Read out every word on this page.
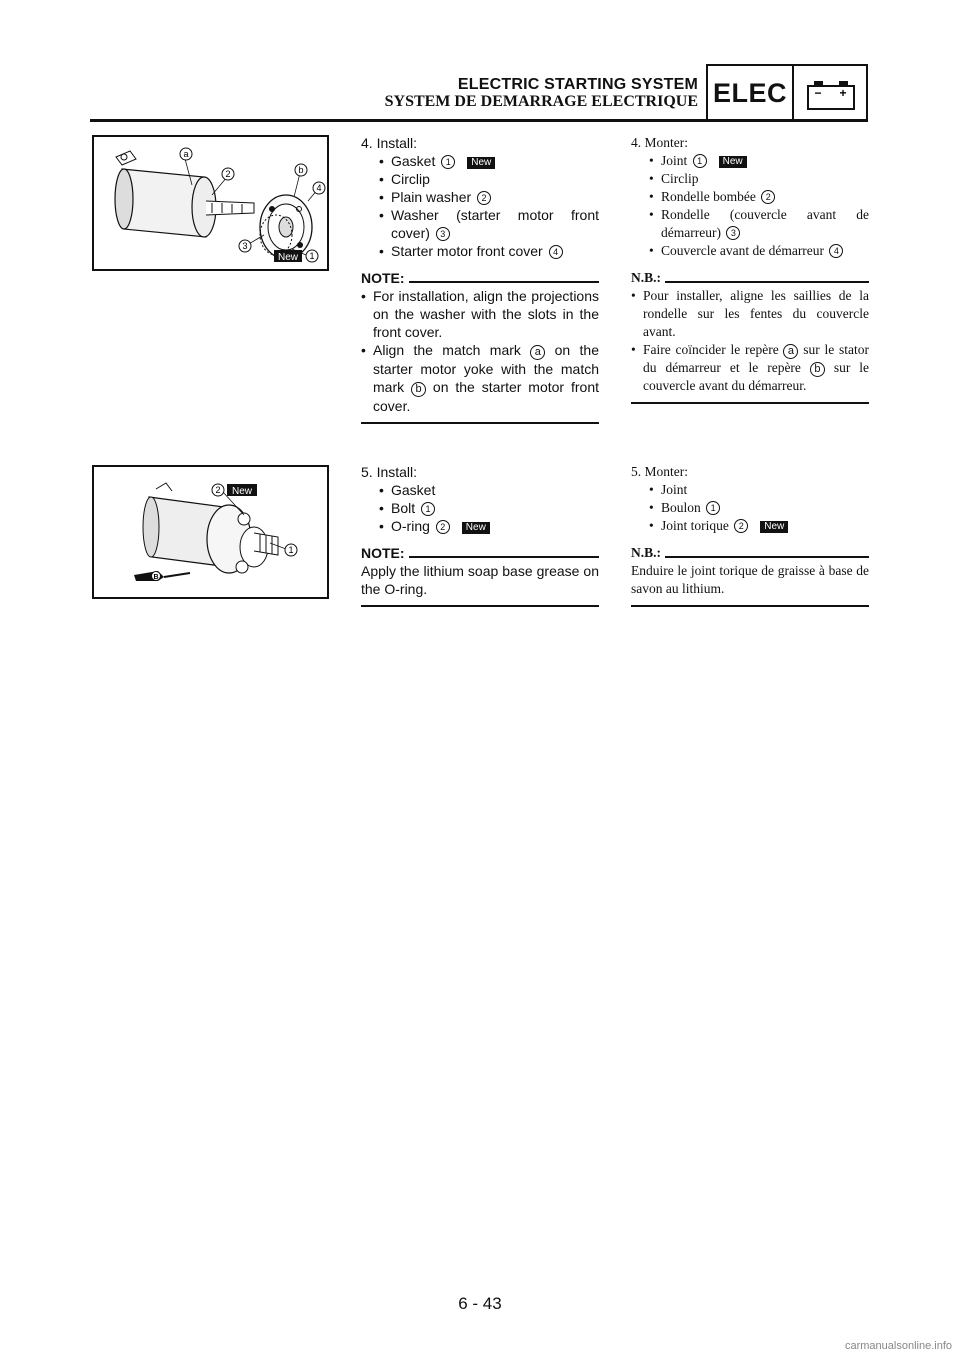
ELECTRIC STARTING SYSTEM
SYSTEM DE DEMARRAGE ELECTRIQUE ELEC	− +
a
2	b
4
3
1
New
B
2
1
New

4. Install:

• Gasket 1 New
• Circlip
• Plain washer 2
• Washer (starter motor front cover) 3
• Starter motor front cover 4
NOTE:
• For installation, align the projections on the washer with the slots in the front cover.
• Align the match mark a on the starter motor yoke with the match mark b on the starter motor front cover.

4. Monter:

• Joint 1 New
• Circlip
• Rondelle bombée 2
• Rondelle (couvercle avant de démarreur) 3
• Couvercle avant de démarreur 4
N.B.:
• Pour installer, aligne les saillies de la rondelle sur les fentes du couvercle avant.
• Faire coïncider le repère a sur le stator du démarreur et le repère b sur le couvercle avant du démarreur.

5. Install:

• Gasket
• Bolt 1
• O-ring 2 New
NOTE:
Apply the lithium soap base grease on the O-ring.

5. Monter:

• Joint
• Boulon 1
• Joint torique 2 New
N.B.:
Enduire le joint torique de graisse à base de savon au lithium.
6 - 43
carmanualsonline.info
